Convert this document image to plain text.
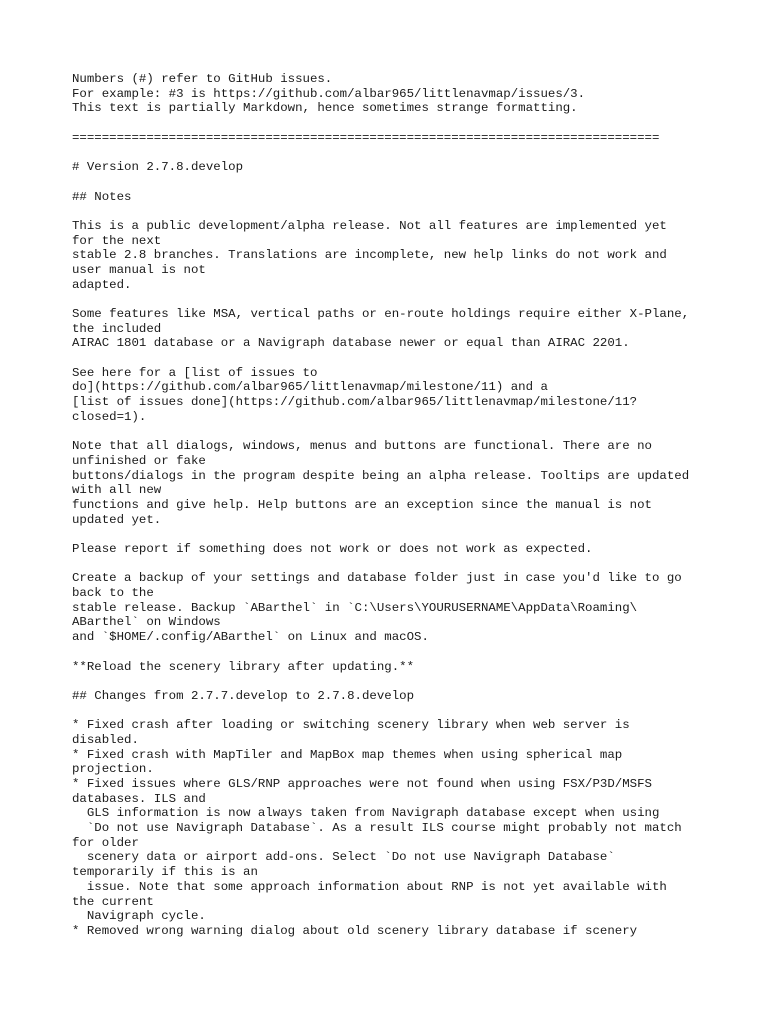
Numbers (#) refer to GitHub issues.
For example: #3 is https://github.com/albar965/littlenavmap/issues/3.
This text is partially Markdown, hence sometimes strange formatting.
===============================================================================
# Version 2.7.8.develop
## Notes
This is a public development/alpha release. Not all features are implemented yet
for the next
stable 2.8 branches. Translations are incomplete, new help links do not work and
user manual is not
adapted.
Some features like MSA, vertical paths or en-route holdings require either X-Plane,
the included
AIRAC 1801 database or a Navigraph database newer or equal than AIRAC 2201.
See here for a [list of issues to
do](https://github.com/albar965/littlenavmap/milestone/11) and a
[list of issues done](https://github.com/albar965/littlenavmap/milestone/11?
closed=1).
Note that all dialogs, windows, menus and buttons are functional. There are no
unfinished or fake
buttons/dialogs in the program despite being an alpha release. Tooltips are updated
with all new
functions and give help. Help buttons are an exception since the manual is not
updated yet.
Please report if something does not work or does not work as expected.
Create a backup of your settings and database folder just in case you'd like to go
back to the
stable release. Backup `ABarthel` in `C:\Users\YOURUSERNAME\AppData\Roaming\
ABarthel` on Windows
and `$HOME/.config/ABarthel` on Linux and macOS.
**Reload the scenery library after updating.**
## Changes from 2.7.7.develop to 2.7.8.develop
* Fixed crash after loading or switching scenery library when web server is
disabled.
* Fixed crash with MapTiler and MapBox map themes when using spherical map
projection.
* Fixed issues where GLS/RNP approaches were not found when using FSX/P3D/MSFS
databases. ILS and
GLS information is now always taken from Navigraph database except when using
`Do not use Navigraph Database`. As a result ILS course might probably not match
for older
scenery data or airport add-ons. Select `Do not use Navigraph Database`
temporarily if this is an
issue. Note that some approach information about RNP is not yet available with
the current
Navigraph cycle.
* Removed wrong warning dialog about old scenery library database if scenery
